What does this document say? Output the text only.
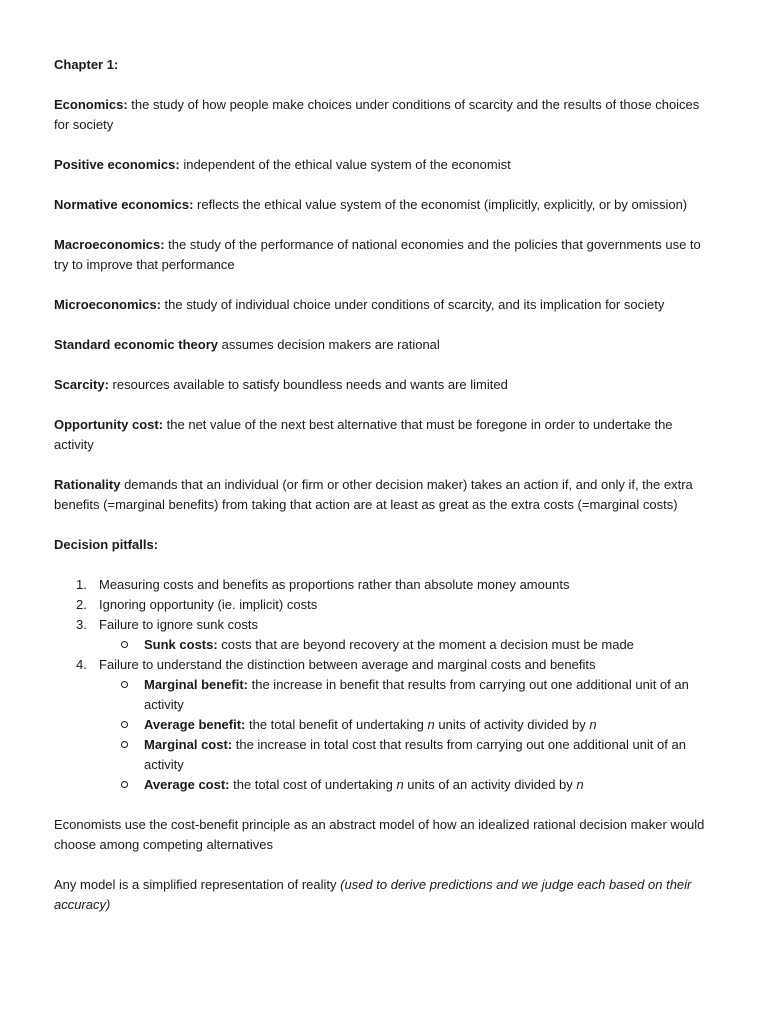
Chapter 1:

Economics: the study of how people make choices under conditions of scarcity and the results of those choices for society

Positive economics: independent of the ethical value system of the economist

Normative economics: reflects the ethical value system of the economist (implicitly, explicitly, or by omission)

Macroeconomics: the study of the performance of national economies and the policies that governments use to try to improve that performance

Microeconomics: the study of individual choice under conditions of scarcity, and its implication for society

Standard economic theory assumes decision makers are rational

Scarcity: resources available to satisfy boundless needs and wants are limited

Opportunity cost: the net value of the next best alternative that must be foregone in order to undertake the activity

Rationality demands that an individual (or firm or other decision maker) takes an action if, and only if, the extra benefits (=marginal benefits) from taking that action are at least as great as the extra costs (=marginal costs)

Decision pitfalls:

1. Measuring costs and benefits as proportions rather than absolute money amounts
2. Ignoring opportunity (ie. implicit) costs
3. Failure to ignore sunk costs
Sunk costs: costs that are beyond recovery at the moment a decision must be made
4. Failure to understand the distinction between average and marginal costs and benefits
Marginal benefit: the increase in benefit that results from carrying out one additional unit of an activity
Average benefit: the total benefit of undertaking n units of activity divided by n
Marginal cost: the increase in total cost that results from carrying out one additional unit of an activity
Average cost: the total cost of undertaking n units of an activity divided by n

Economists use the cost-benefit principle as an abstract model of how an idealized rational decision maker would choose among competing alternatives

Any model is a simplified representation of reality (used to derive predictions and we judge each based on their accuracy)
